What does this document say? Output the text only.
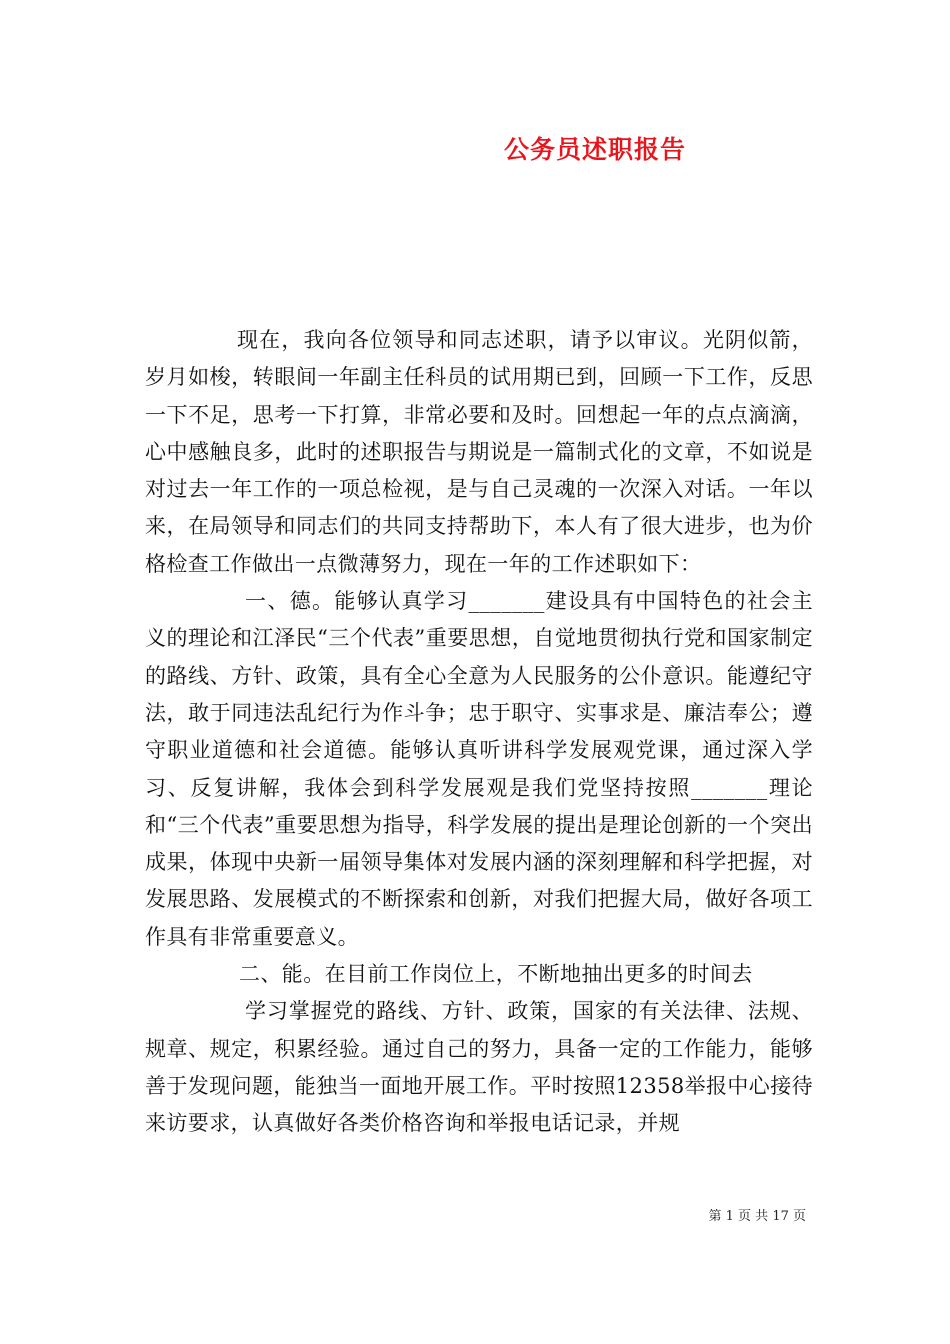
公务员述职报告

现在，我向各位领导和同志述职，请予以审议。光阴似箭，岁月如梭，转眼间一年副主任科员的试用期已到，回顾一下工作，反思一下不足，思考一下打算，非常必要和及时。回想起一年的点点滴滴，心中感触良多，此时的述职报告与期说是一篇制式化的文章，不如说是对过去一年工作的一项总检视，是与自己灵魂的一次深入对话。一年以来，在局领导和同志们的共同支持帮助下，本人有了很大进步，也为价格检查工作做出一点微薄努力，现在一年的工作述职如下：

一、德。能够认真学习_______建设具有中国特色的社会主义的理论和江泽民“三个代表”重要思想，自觉地贯彻执行党和国家制定的路线、方针、政策，具有全心全意为人民服务的公仆意识。能遵纪守法，敢于同违法乱纪行为作斗争；忠于职守、实事求是、廉洁奉公；遵守职业道德和社会道德。能够认真听讲科学发展观党课，通过深入学习、反复讲解，我体会到科学发展观是我们党坚持按照_______理论和“三个代表”重要思想为指导，科学发展的提出是理论创新的一个突出成果，体现中央新一届领导集体对发展内涵的深刻理解和科学把握，对发展思路、发展模式的不断探索和创新，对我们把握大局，做好各项工作具有非常重要意义。

二、能。在目前工作岗位上，不断地抽出更多的时间去

学习掌握党的路线、方针、政策，国家的有关法律、法规、规章、规定，积累经验。通过自己的努力，具备一定的工作能力，能够善于发现问题，能独当一面地开展工作。平时按照12358举报中心接待来访要求，认真做好各类价格咨询和举报电话记录，并规

第 1 页 共 17 页
